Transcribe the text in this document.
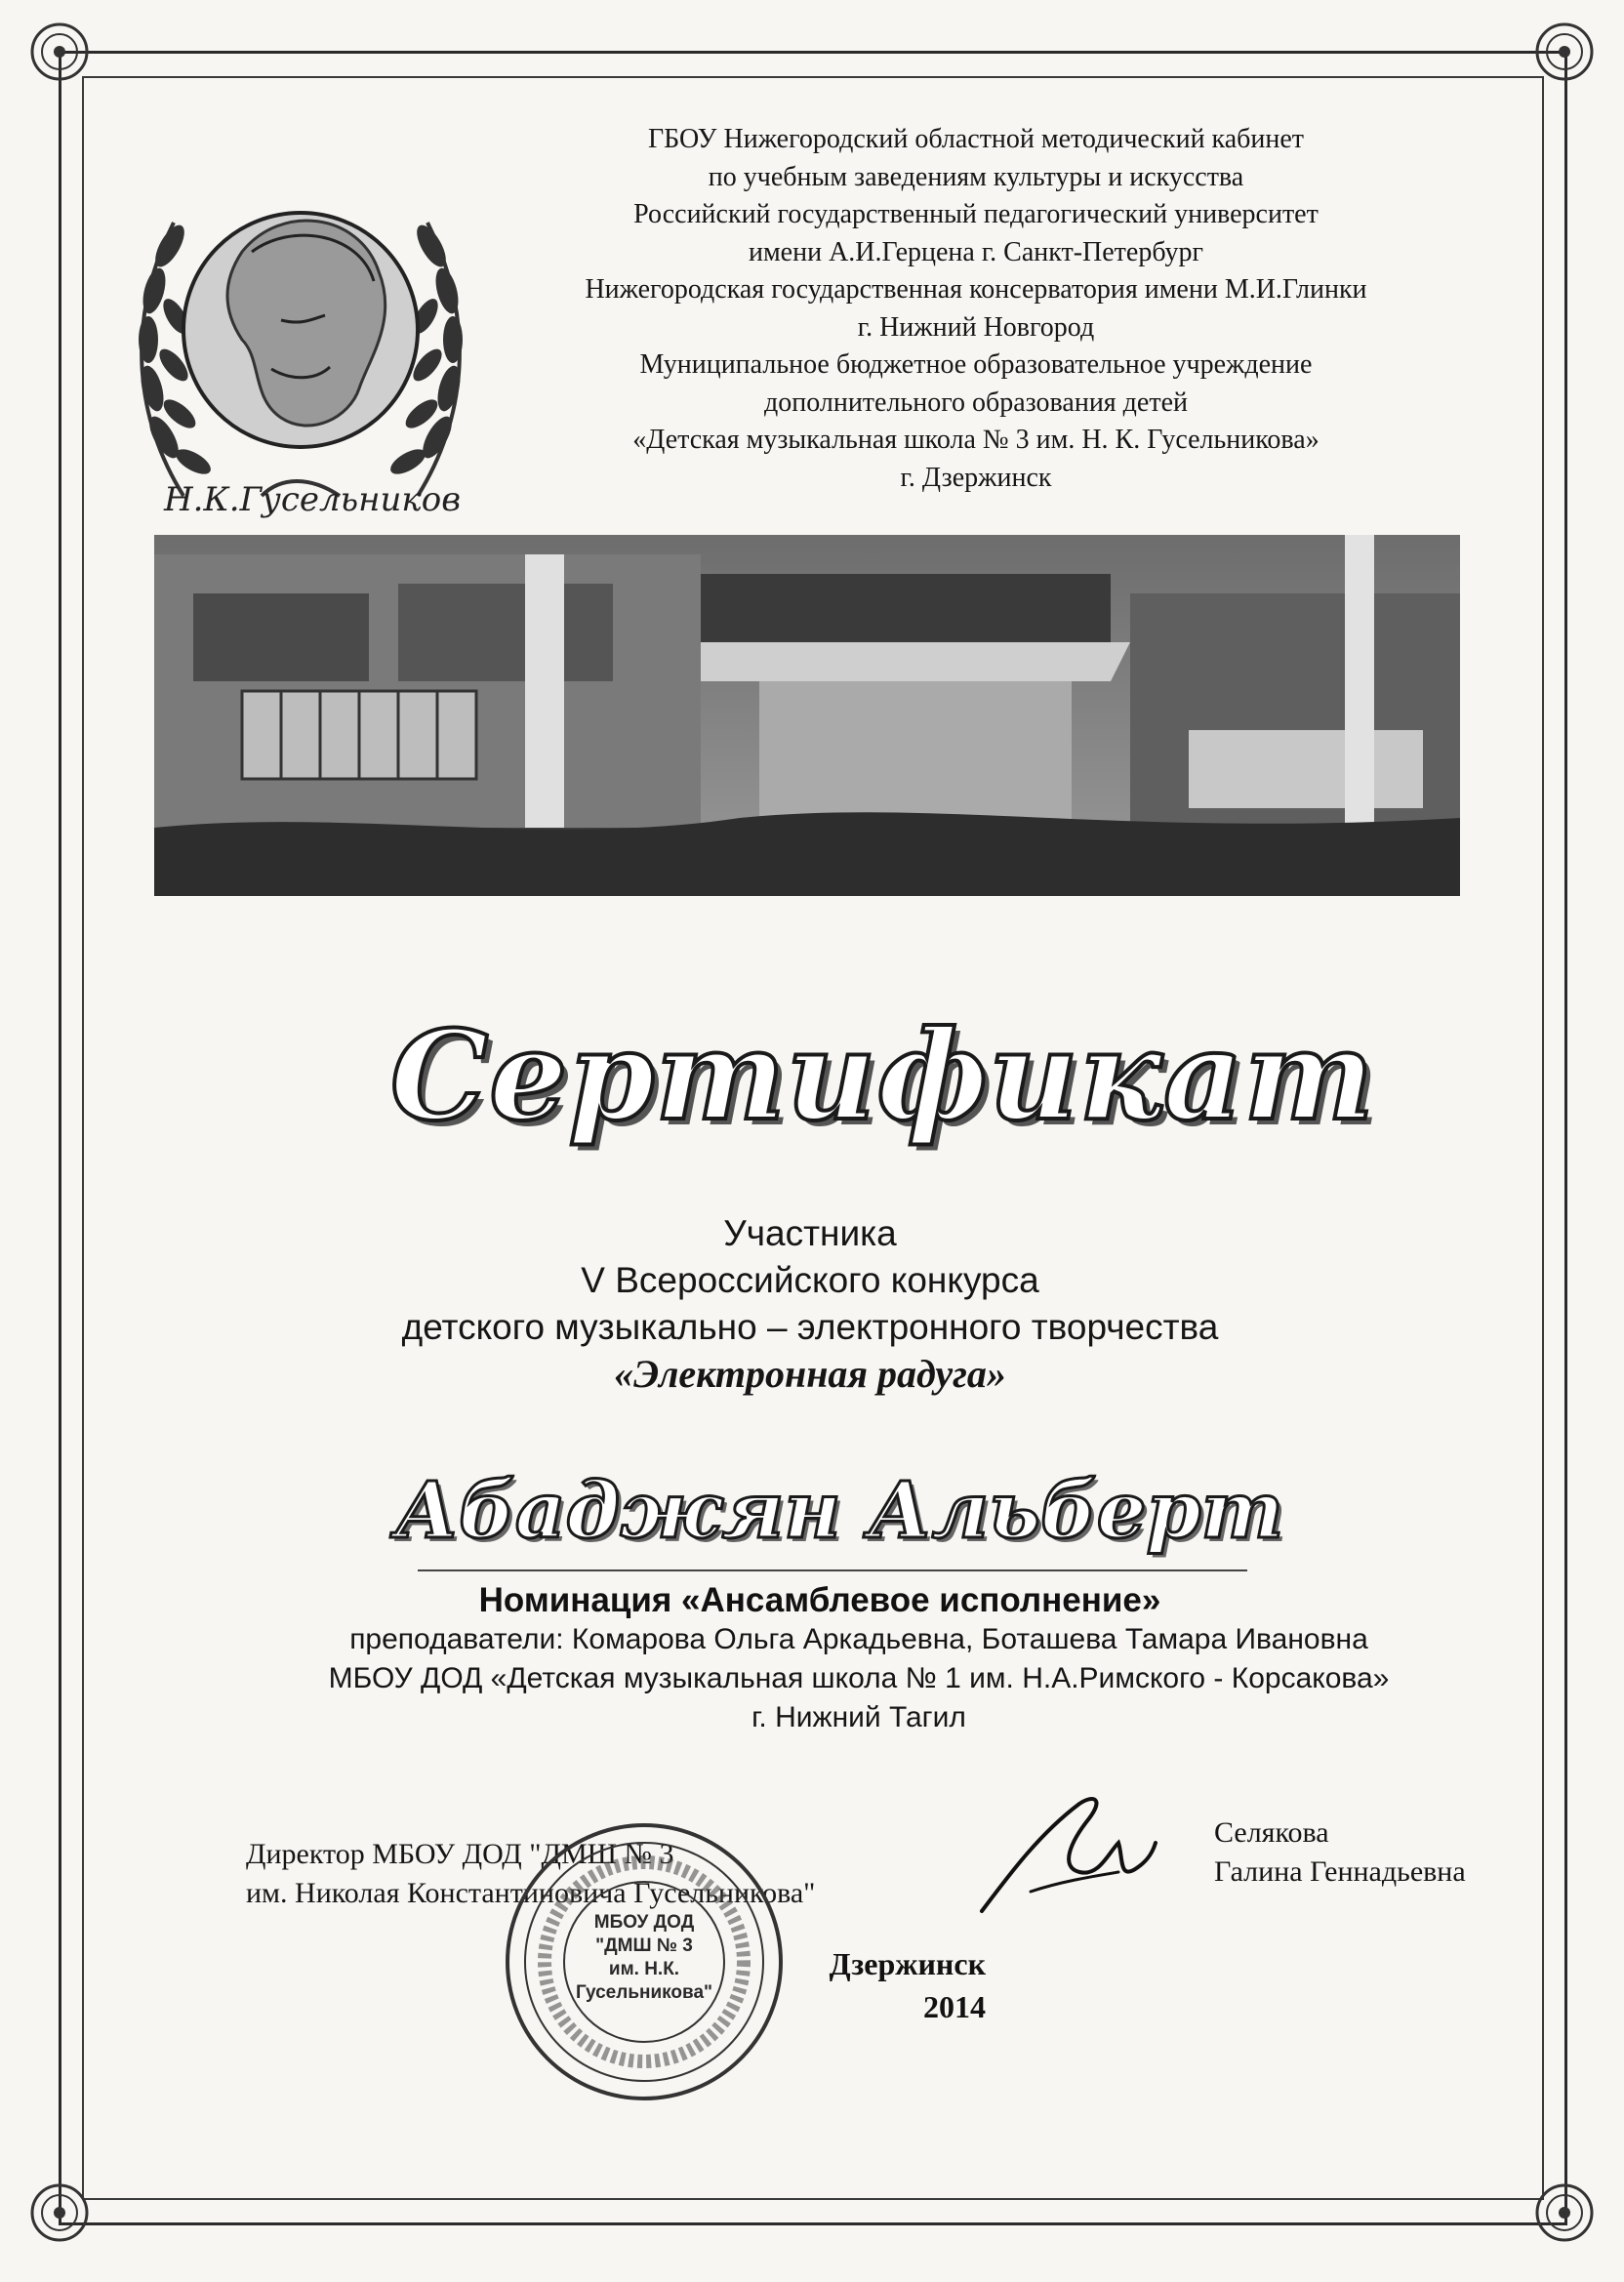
Н.К.Гусельников
ГБОУ Нижегородский областной методический кабинет
по учебным заведениям культуры и искусства
Российский государственный педагогический университет
имени А.И.Герцена г. Санкт-Петербург
Нижегородская государственная консерватория имени М.И.Глинки
г. Нижний Новгород
Муниципальное бюджетное образовательное учреждение
дополнительного образования детей
«Детская музыкальная школа № 3 им. Н. К. Гусельникова»
г. Дзержинск
Сертификат
Участника
V Всероссийского конкурса
детского музыкально – электронного творчества
«Электронная радуга»
Абаджян Альберт
Номинация «Ансамблевое исполнение»
преподаватели: Комарова Ольга Аркадьевна, Боташева Тамара Ивановна
МБОУ ДОД «Детская музыкальная школа № 1 им. Н.А.Римского - Корсакова»
г. Нижний Тагил
Директор МБОУ ДОД "ДМШ № 3
им. Николая Константиновича Гусельникова"
Селякова
Галина Геннадьевна
МБОУ ДОД
"ДМШ № 3
им. Н.К. Гусельникова"
Дзержинск
2014
